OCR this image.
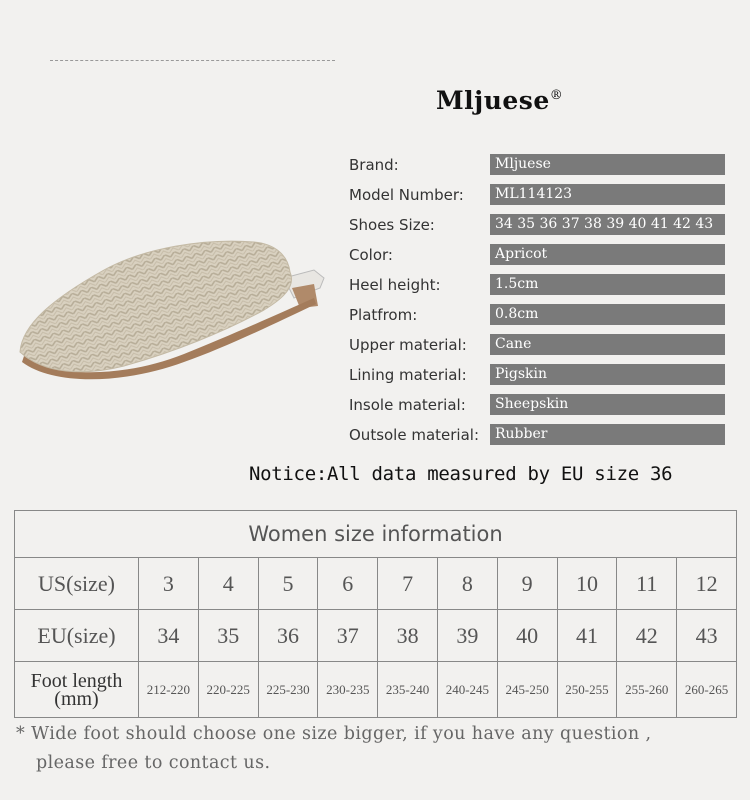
Mljuese®
Brand:	Mljuese
Model Number:	ML114123
Shoes Size:	34 35 36 37 38 39 40 41 42 43
Color:	Apricot
Heel height:	1.5cm
Platfrom:	0.8cm
Upper material:	Cane
Lining material:	Pigskin
Insole material:	Sheepskin
Outsole material:	Rubber
Notice:All data measured by EU size 36
Women size information										
US(size)	3	4	5	6	7	8	9	10	11	12
EU(size)	34	35	36	37	38	39	40	41	42	43
Foot length
(mm)	212-220	220-225	225-230	230-235	235-240	240-245	245-250	250-255	255-260	260-265
* Wide foot should choose one size bigger, if you have any question ,
please free to contact us.
